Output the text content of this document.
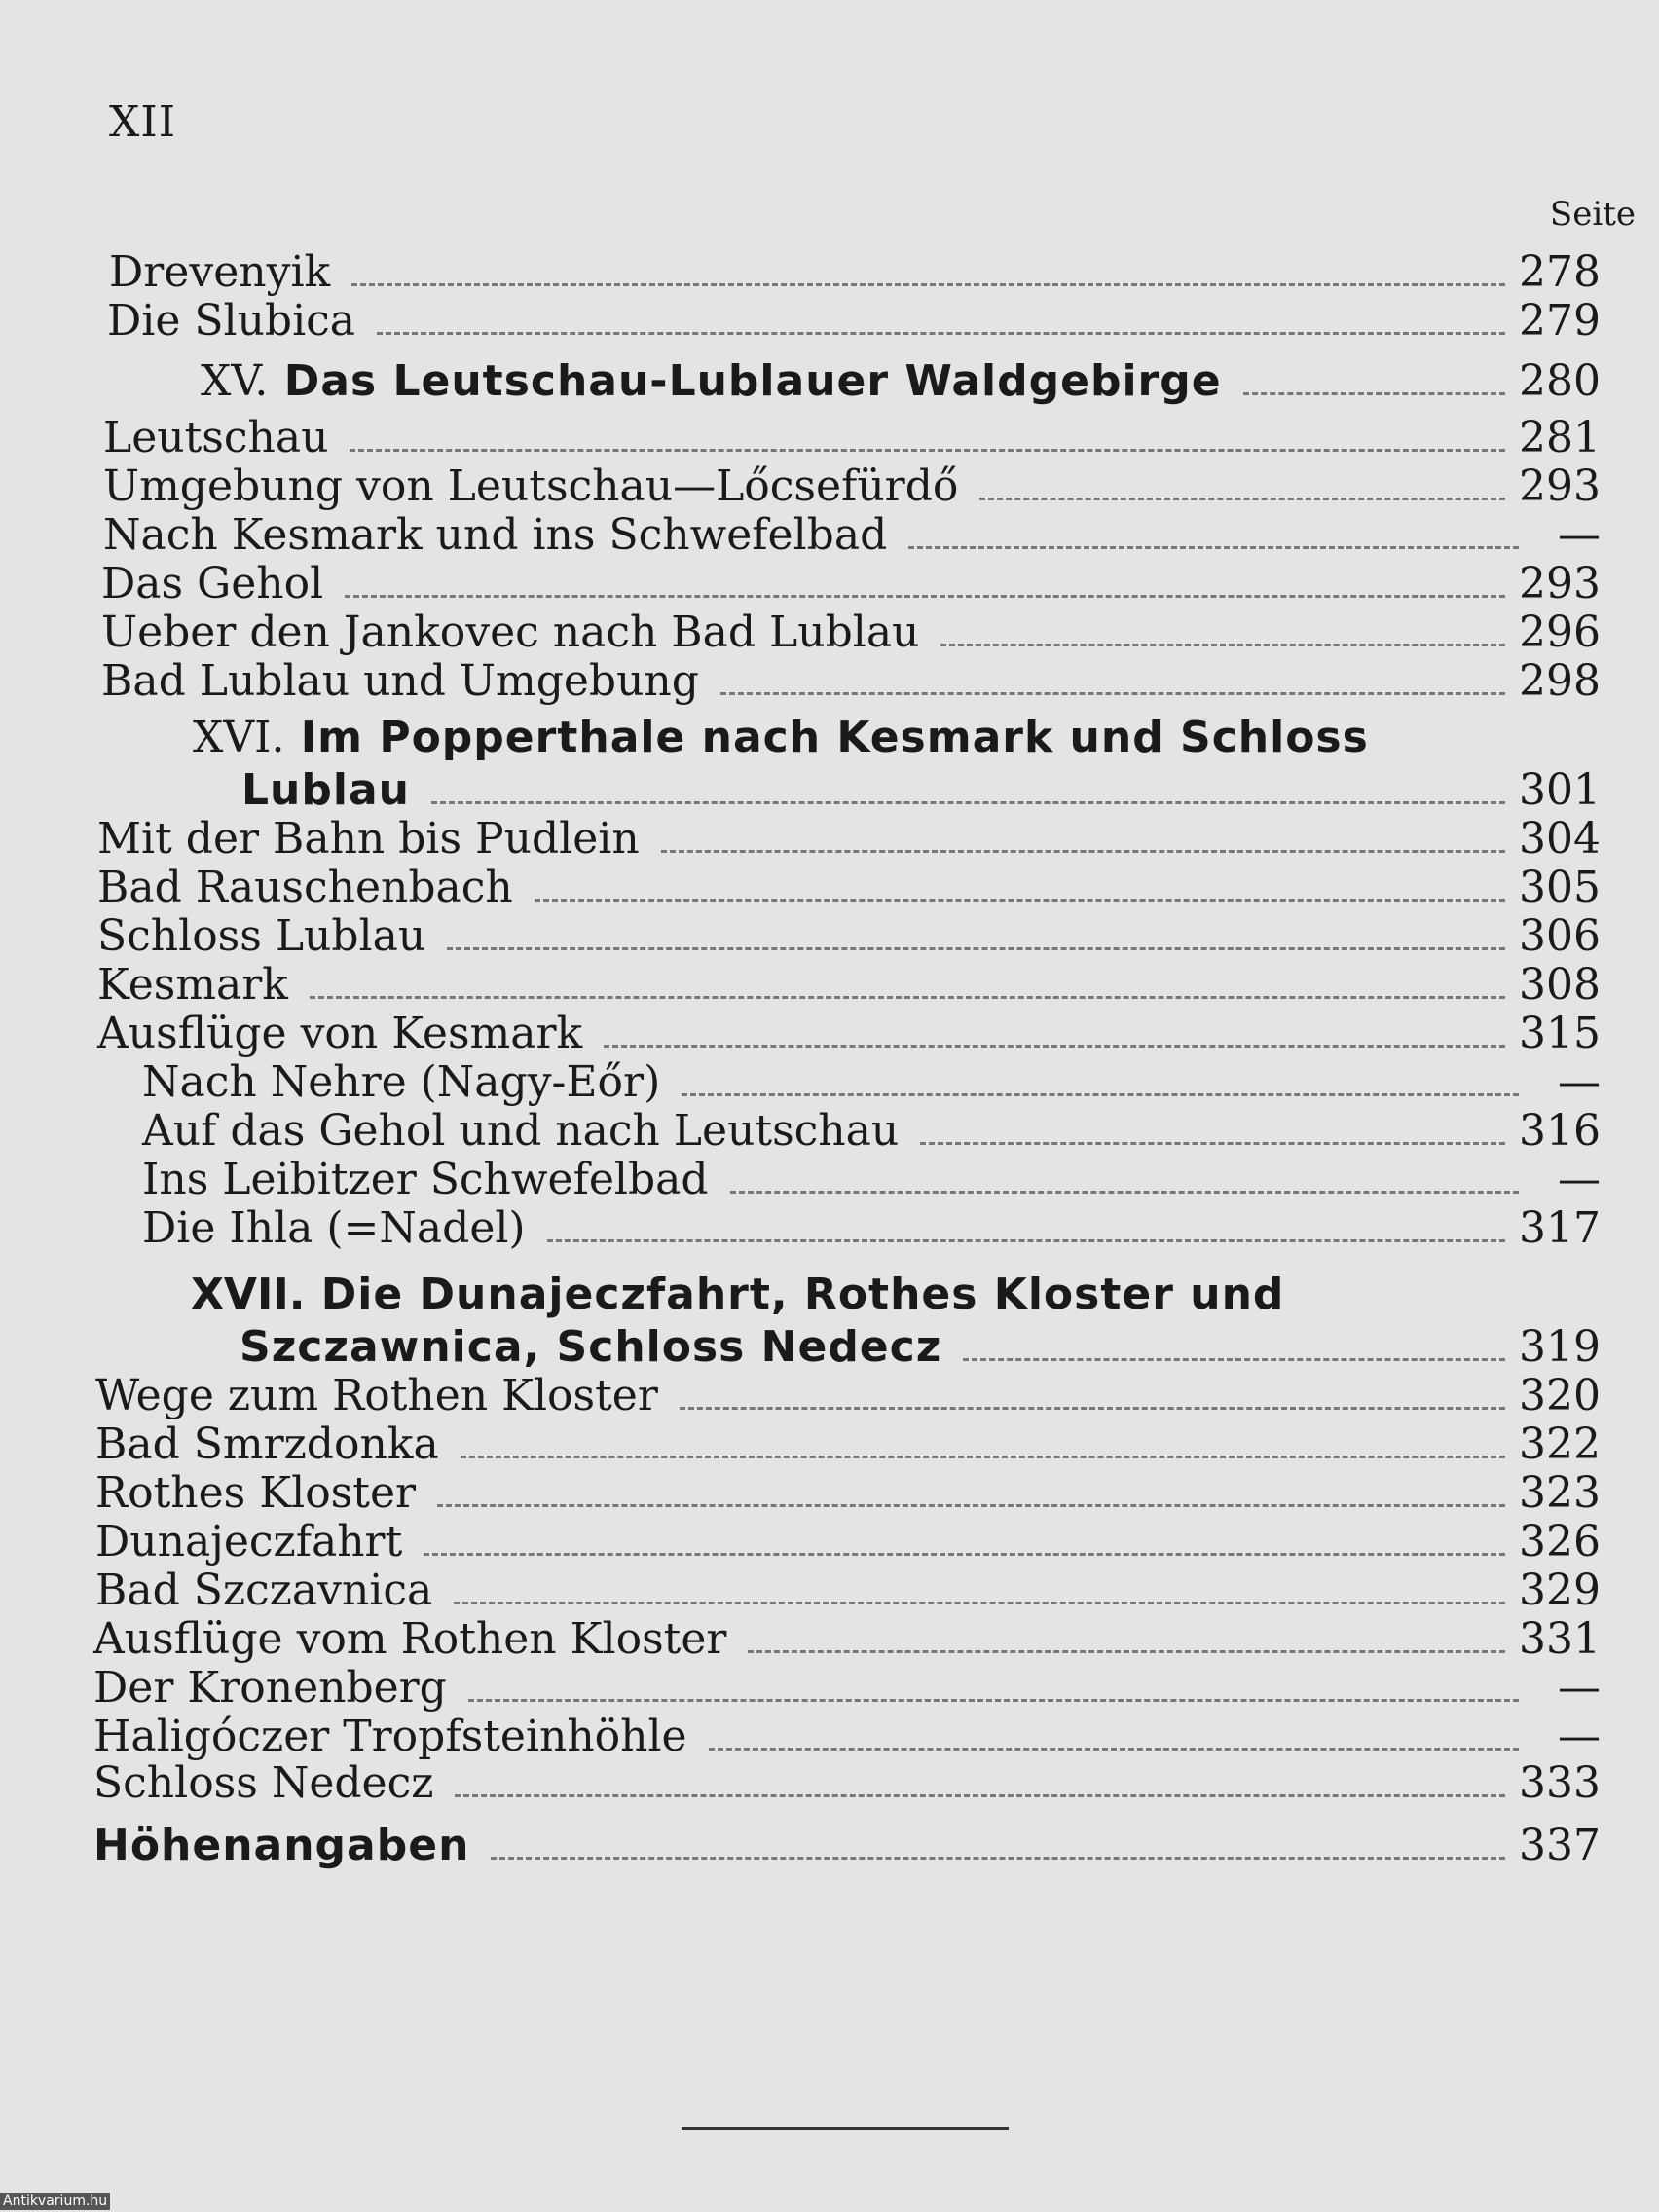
XII
Seite
Drevenyik	278
Die Slubica	279
XV. Das Leutschau-Lublauer Waldgebirge	280
Leutschau	281
Umgebung von Leutschau—Lőcsefürdő	293
Nach Kesmark und ins Schwefelbad	—
Das Gehol	293
Ueber den Jankovec nach Bad Lublau	296
Bad Lublau und Umgebung	298
XVI. Im Popperthale nach Kesmark und Schloss
Lublau	301
Mit der Bahn bis Pudlein	304
Bad Rauschenbach	305
Schloss Lublau	306
Kesmark	308
Ausflüge von Kesmark	315
Nach Nehre (Nagy-Eőr)	—
Auf das Gehol und nach Leutschau	316
Ins Leibitzer Schwefelbad	—
Die Ihla (=Nadel)	317
XVII. Die Dunajeczfahrt, Rothes Kloster und
Szczawnica, Schloss Nedecz	319
Wege zum Rothen Kloster	320
Bad Smrzdonka	322
Rothes Kloster	323
Dunajeczfahrt	326
Bad Szczavnica	329
Ausflüge vom Rothen Kloster	331
Der Kronenberg	—
Haligóczer Tropfsteinhöhle	—
Schloss Nedecz	333
Höhenangaben	337
Antikvarium.hu
